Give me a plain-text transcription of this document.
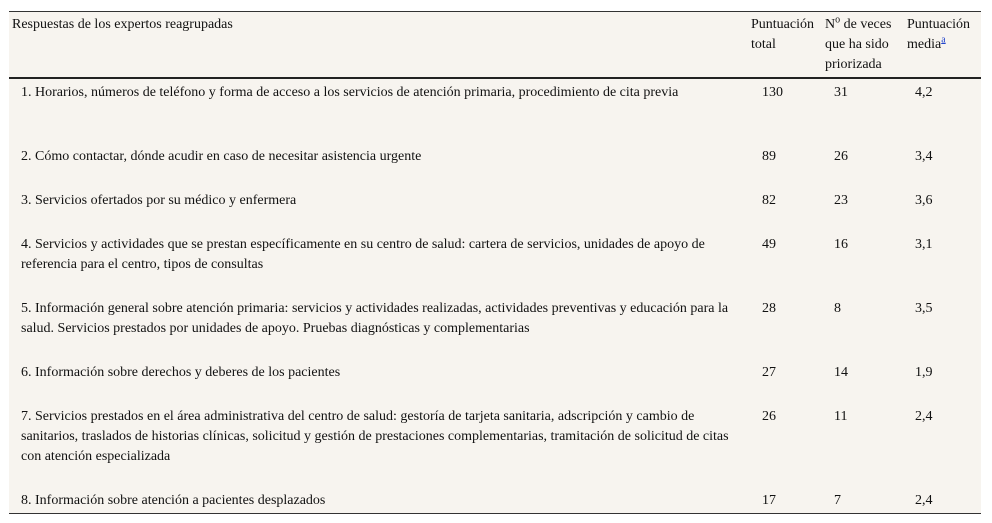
Respuestas de los expertos reagrupadas	Puntuación total	$N^o$ de veces que ha sido priorizada	Puntuación media$^a$
1. Horarios, números de teléfono y forma de acceso a los servicios de atención primaria, procedimiento de cita previa	130	31	4,2
2. Cómo contactar, dónde acudir en caso de necesitar asistencia urgente	89	26	3,4
3. Servicios ofertados por su médico y enfermera	82	23	3,6
4. Servicios y actividades que se prestan específicamente en su centro de salud: cartera de servicios, unidades de apoyo de referencia para el centro, tipos de consultas	49	16	3,1
5. Información general sobre atención primaria: servicios y actividades realizadas, actividades preventivas y educación para la salud. Servicios prestados por unidades de apoyo. Pruebas diagnósticas y complementarias	28	8	3,5
6. Información sobre derechos y deberes de los pacientes	27	14	1,9
7. Servicios prestados en el área administrativa del centro de salud: gestoría de tarjeta sanitaria, adscripción y cambio de sanitarios, traslados de historias clínicas, solicitud y gestión de prestaciones complementarias, tramitación de solicitud de citas con atención especializada	26	11	2,4
8. Información sobre atención a pacientes desplazados	17	7	2,4
